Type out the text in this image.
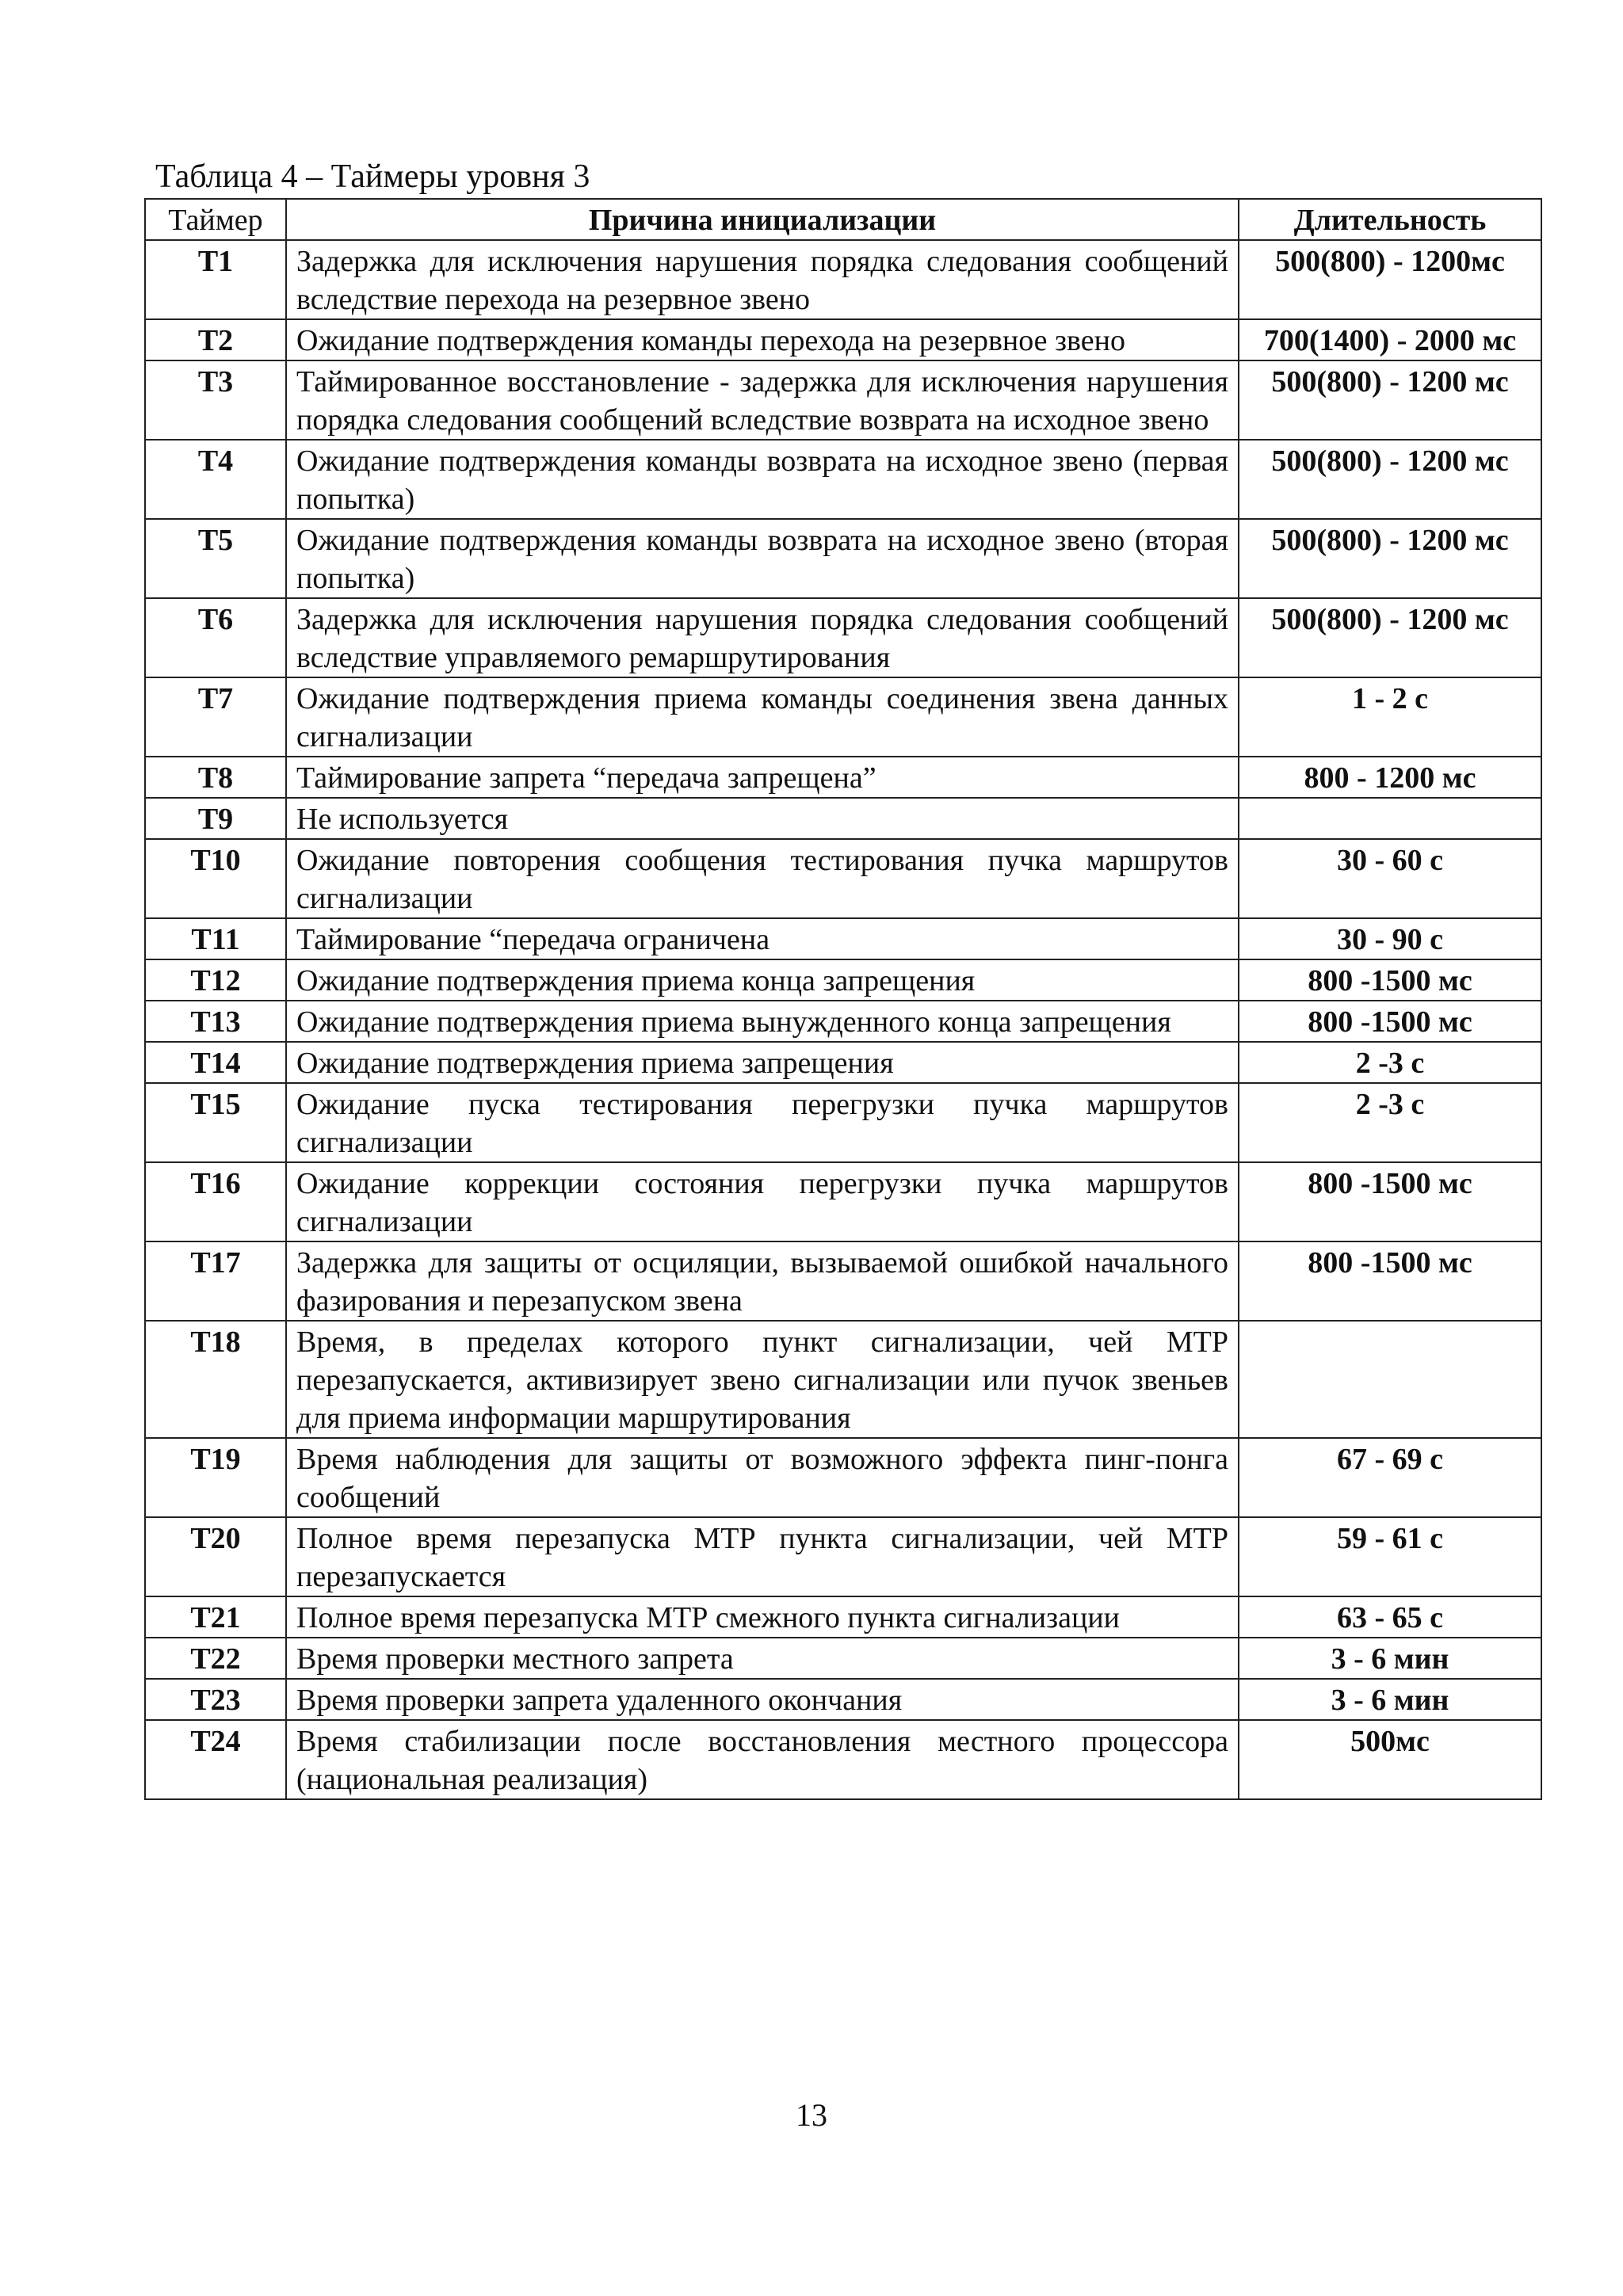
Таблица 4 – Таймеры уровня 3
Таймер	Причина инициализации	Длительность
T1	Задержка для исключения нарушения порядка следования сообщений вследствие перехода на резервное звено	500(800) - 1200мс
T2	Ожидание подтверждения команды перехода на резервное звено	700(1400) - 2000 мс
T3	Таймированное восстановление - задержка для исключения нарушения порядка следования сообщений вследствие возврата на исходное звено	500(800) - 1200 мс
T4	Ожидание подтверждения команды возврата на исходное звено (первая попытка)	500(800) - 1200 мс
T5	Ожидание подтверждения команды возврата на исходное звено (вторая попытка)	500(800) - 1200 мс
T6	Задержка для исключения нарушения порядка следования сообщений вследствие управляемого ремаршрутирования	500(800) - 1200 мс
T7	Ожидание подтверждения приема команды соединения звена данных сигнализации	1 - 2 с
T8	Таймирование запрета “передача запрещена”	800 - 1200 мс
T9	Не используется	
T10	Ожидание повторения сообщения тестирования пучка маршрутов сигнализации	30 - 60 с
T11	Таймирование “передача ограничена	30 - 90 с
T12	Ожидание подтверждения приема конца запрещения	800 -1500 мс
T13	Ожидание подтверждения приема вынужденного конца запрещения	800 -1500 мс
T14	Ожидание подтверждения приема запрещения	2 -3 с
T15	Ожидание пуска тестирования перегрузки пучка маршрутов сигнализации	2 -3 с
T16	Ожидание коррекции состояния перегрузки пучка маршрутов сигнализации	800 -1500 мс
T17	Задержка для защиты от осциляции, вызываемой ошибкой начального фазирования и перезапуском звена	800 -1500 мс
T18	Время, в пределах которого пункт сигнализации, чей МТР перезапускается, активизирует звено сигнализации или пучок звеньев для приема информации маршрутирования	
T19	Время наблюдения для защиты от возможного эффекта пинг-понга сообщений	67 - 69 с
T20	Полное время перезапуска МТР пункта сигнализации, чей МТР перезапускается	59 - 61 с
T21	Полное время перезапуска МТР смежного пункта сигнализации	63 - 65 с
T22	Время проверки местного запрета	3 - 6 мин
T23	Время проверки запрета удаленного окончания	3 - 6 мин
T24	Время стабилизации после восстановления местного процессора (национальная реализация)	500мс
13
